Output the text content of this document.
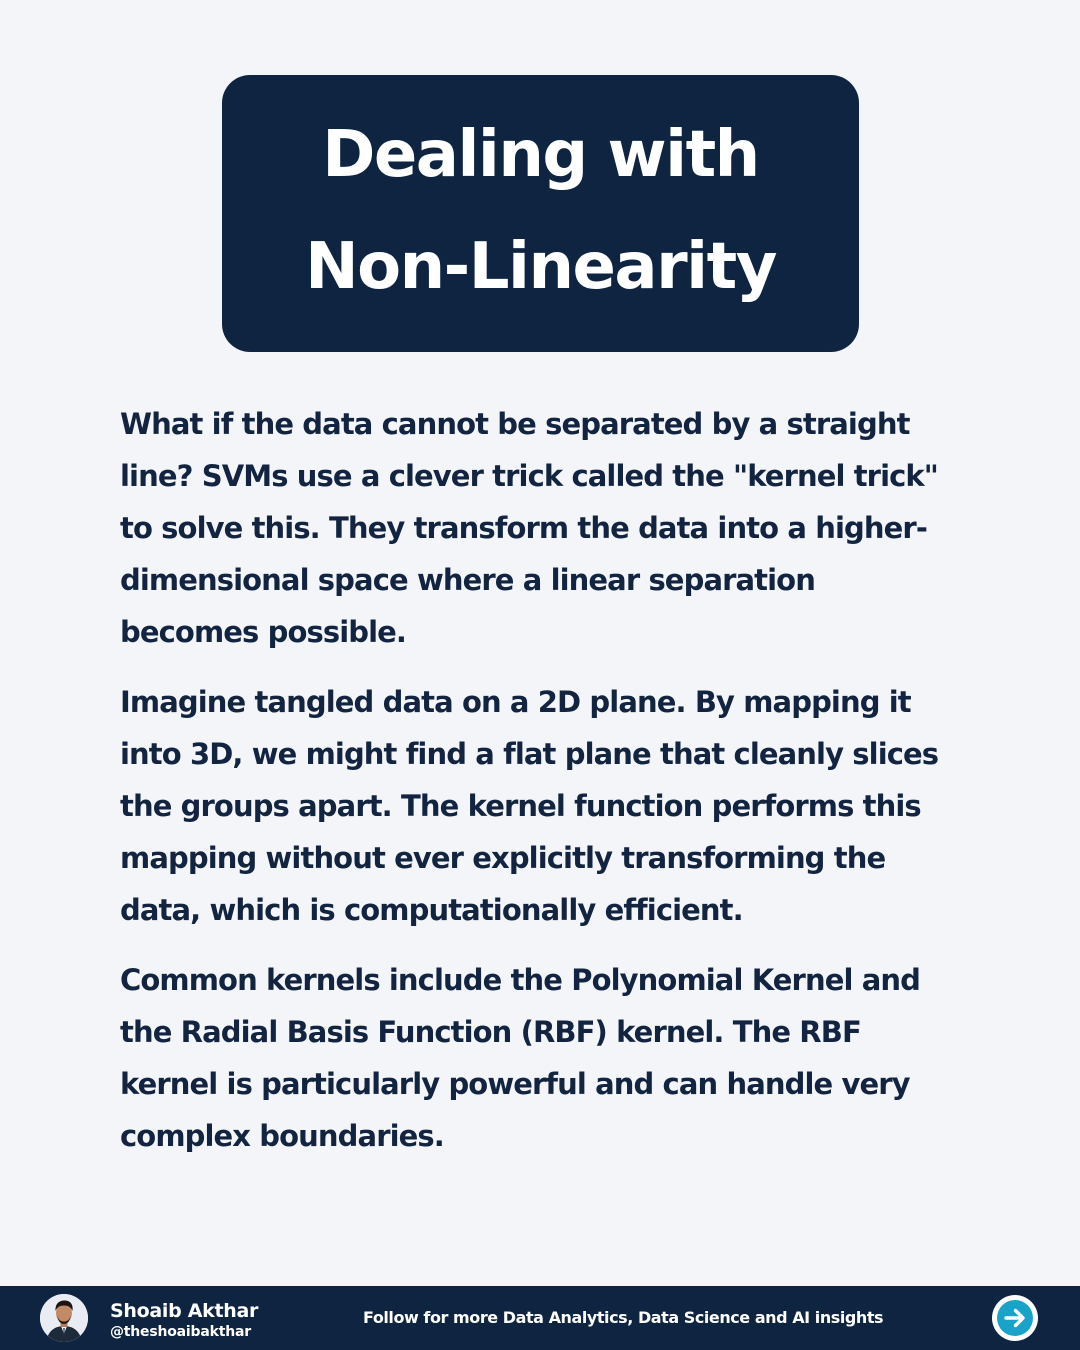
Dealing with
Non-Linearity

What if the data cannot be separated by a straight line? SVMs use a clever trick called the "kernel trick" to solve this. They transform the data into a higher-dimensional space where a linear separation becomes possible.

Imagine tangled data on a 2D plane. By mapping it into 3D, we might find a flat plane that cleanly slices the groups apart. The kernel function performs this mapping without ever explicitly transforming the data, which is computationally efficient.

Common kernels include the Polynomial Kernel and the Radial Basis Function (RBF) kernel. The RBF kernel is particularly powerful and can handle very complex boundaries.

Shoaib Akthar
@theshoaibakthar
Follow for more Data Analytics, Data Science and AI insights
